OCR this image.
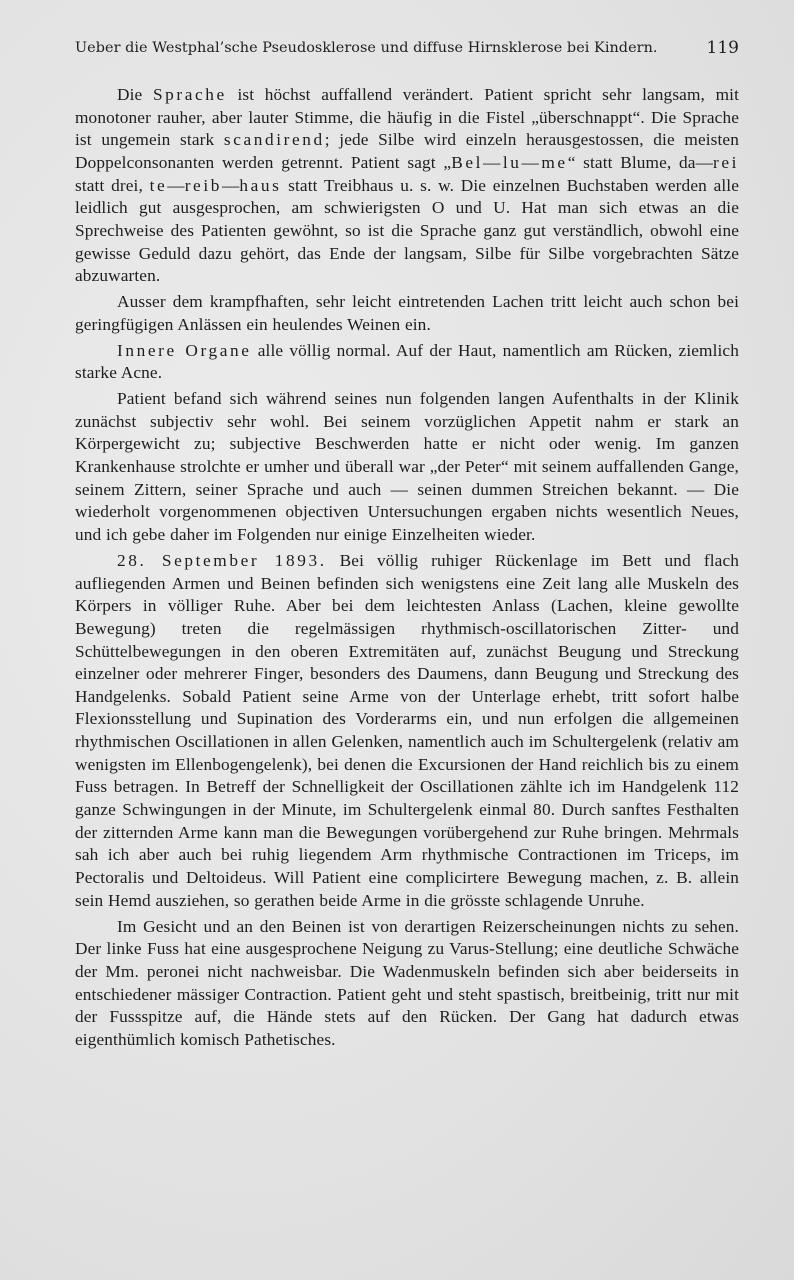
Ueber die Westphal’sche Pseudosklerose und diffuse Hirnsklerose bei Kindern.	119

Die Sprache ist höchst auffallend verändert. Patient spricht sehr langsam, mit monotoner rauher, aber lauter Stimme, die häufig in die Fistel „überschnappt“. Die Sprache ist ungemein stark scandirend; jede Silbe wird einzeln herausgestossen, die meisten Doppelconsonanten werden getrennt. Patient sagt „Bel—lu—me“ statt Blume, da—rei statt drei, te—reib—haus statt Treibhaus u. s. w. Die einzelnen Buchstaben werden alle leidlich gut ausgesprochen, am schwierigsten O und U. Hat man sich etwas an die Sprechweise des Patienten gewöhnt, so ist die Sprache ganz gut verständlich, obwohl eine gewisse Geduld dazu gehört, das Ende der langsam, Silbe für Silbe vorgebrachten Sätze abzuwarten.

Ausser dem krampfhaften, sehr leicht eintretenden Lachen tritt leicht auch schon bei geringfügigen Anlässen ein heulendes Weinen ein.

Innere Organe alle völlig normal. Auf der Haut, namentlich am Rücken, ziemlich starke Acne.

Patient befand sich während seines nun folgenden langen Aufenthalts in der Klinik zunächst subjectiv sehr wohl. Bei seinem vorzüglichen Appetit nahm er stark an Körpergewicht zu; subjective Beschwerden hatte er nicht oder wenig. Im ganzen Krankenhause strolchte er umher und überall war „der Peter“ mit seinem auffallenden Gange, seinem Zittern, seiner Sprache und auch — seinen dummen Streichen bekannt. — Die wiederholt vorgenommenen objectiven Untersuchungen ergaben nichts wesentlich Neues, und ich gebe daher im Folgenden nur einige Einzelheiten wieder.

28. September 1893. Bei völlig ruhiger Rückenlage im Bett und flach aufliegenden Armen und Beinen befinden sich wenigstens eine Zeit lang alle Muskeln des Körpers in völliger Ruhe. Aber bei dem leichtesten Anlass (Lachen, kleine gewollte Bewegung) treten die regelmässigen rhythmisch-oscillatorischen Zitter- und Schüttelbewegungen in den oberen Extremitäten auf, zunächst Beugung und Streckung einzelner oder mehrerer Finger, besonders des Daumens, dann Beugung und Streckung des Handgelenks. Sobald Patient seine Arme von der Unterlage erhebt, tritt sofort halbe Flexionsstellung und Supination des Vorderarms ein, und nun erfolgen die allgemeinen rhythmischen Oscillationen in allen Gelenken, namentlich auch im Schultergelenk (relativ am wenigsten im Ellenbogengelenk), bei denen die Excursionen der Hand reichlich bis zu einem Fuss betragen. In Betreff der Schnelligkeit der Oscillationen zählte ich im Handgelenk 112 ganze Schwingungen in der Minute, im Schultergelenk einmal 80. Durch sanftes Festhalten der zitternden Arme kann man die Bewegungen vorübergehend zur Ruhe bringen. Mehrmals sah ich aber auch bei ruhig liegendem Arm rhythmische Contractionen im Triceps, im Pectoralis und Deltoideus. Will Patient eine complicirtere Bewegung machen, z. B. allein sein Hemd ausziehen, so gerathen beide Arme in die grösste schlagende Unruhe.

Im Gesicht und an den Beinen ist von derartigen Reizerscheinungen nichts zu sehen. Der linke Fuss hat eine ausgesprochene Neigung zu Varus-Stellung; eine deutliche Schwäche der Mm. peronei nicht nachweisbar. Die Wadenmuskeln befinden sich aber beiderseits in entschiedener mässiger Contraction. Patient geht und steht spastisch, breitbeinig, tritt nur mit der Fussspitze auf, die Hände stets auf den Rücken. Der Gang hat dadurch etwas eigenthümlich komisch Pathetisches.
